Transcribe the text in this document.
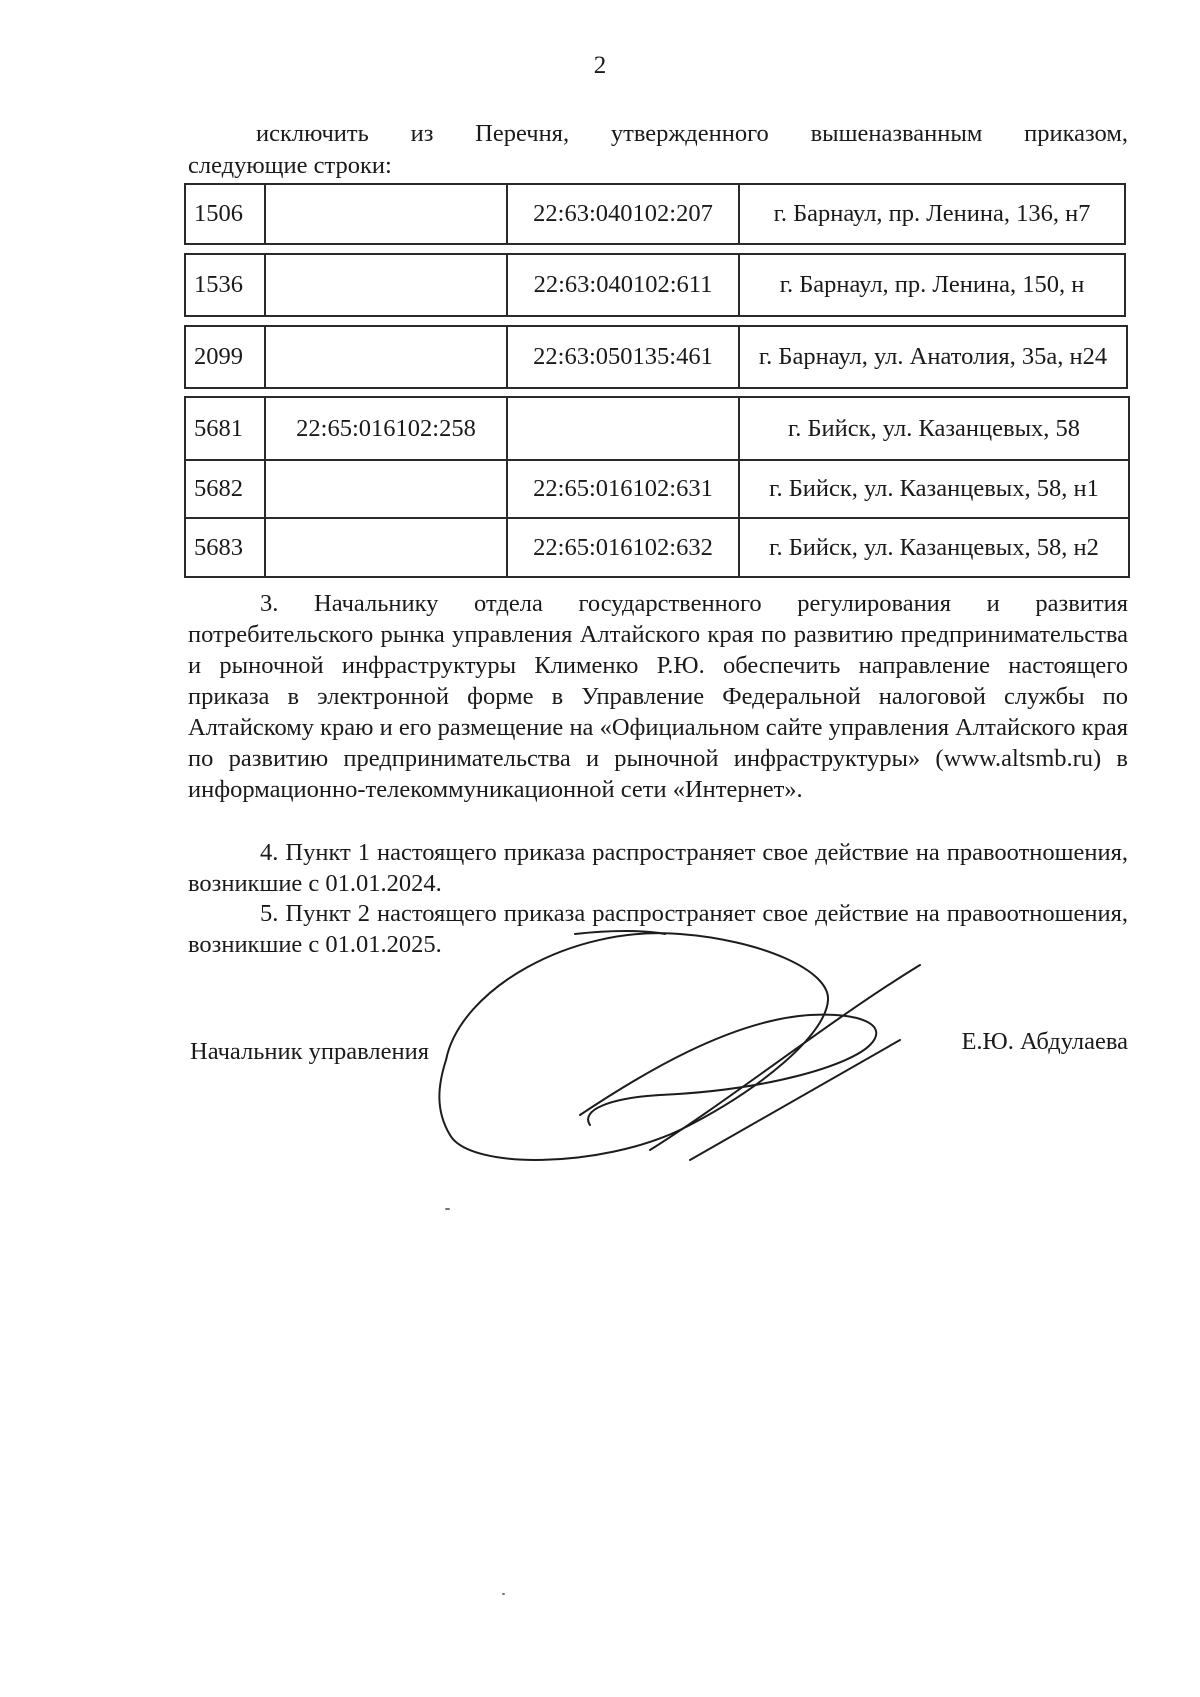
2
исключить из Перечня, утвержденного вышеназванным приказом,
следующие строки:
1506		22:63:040102:207	г. Барнаул, пр. Ленина, 136, н7
1536		22:63:040102:611	г. Барнаул, пр. Ленина, 150, н
2099		22:63:050135:461	г. Барнаул, ул. Анатолия, 35а, н24
5681	22:65:016102:258		г. Бийск, ул. Казанцевых, 58
5682		22:65:016102:631	г. Бийск, ул. Казанцевых, 58, н1
5683		22:65:016102:632	г. Бийск, ул. Казанцевых, 58, н2

3. Начальнику отдела государственного регулирования и развития потребительского рынка управления Алтайского края по развитию предпринимательства и рыночной инфраструктуры Клименко Р.Ю. обеспечить направление настоящего приказа в электронной форме в Управление Федеральной налоговой службы по Алтайскому краю и его размещение на «Официальном сайте управления Алтайского края по развитию предпринимательства и рыночной инфраструктуры» (www.altsmb.ru) в информационно-телекоммуникационной сети «Интернет».

4. Пункт 1 настоящего приказа распространяет свое действие на правоотношения, возникшие с 01.01.2024.

5. Пункт 2 настоящего приказа распространяет свое действие на правоотношения, возникшие с 01.01.2025.

Начальник управления	Е.Ю. Абдулаева
